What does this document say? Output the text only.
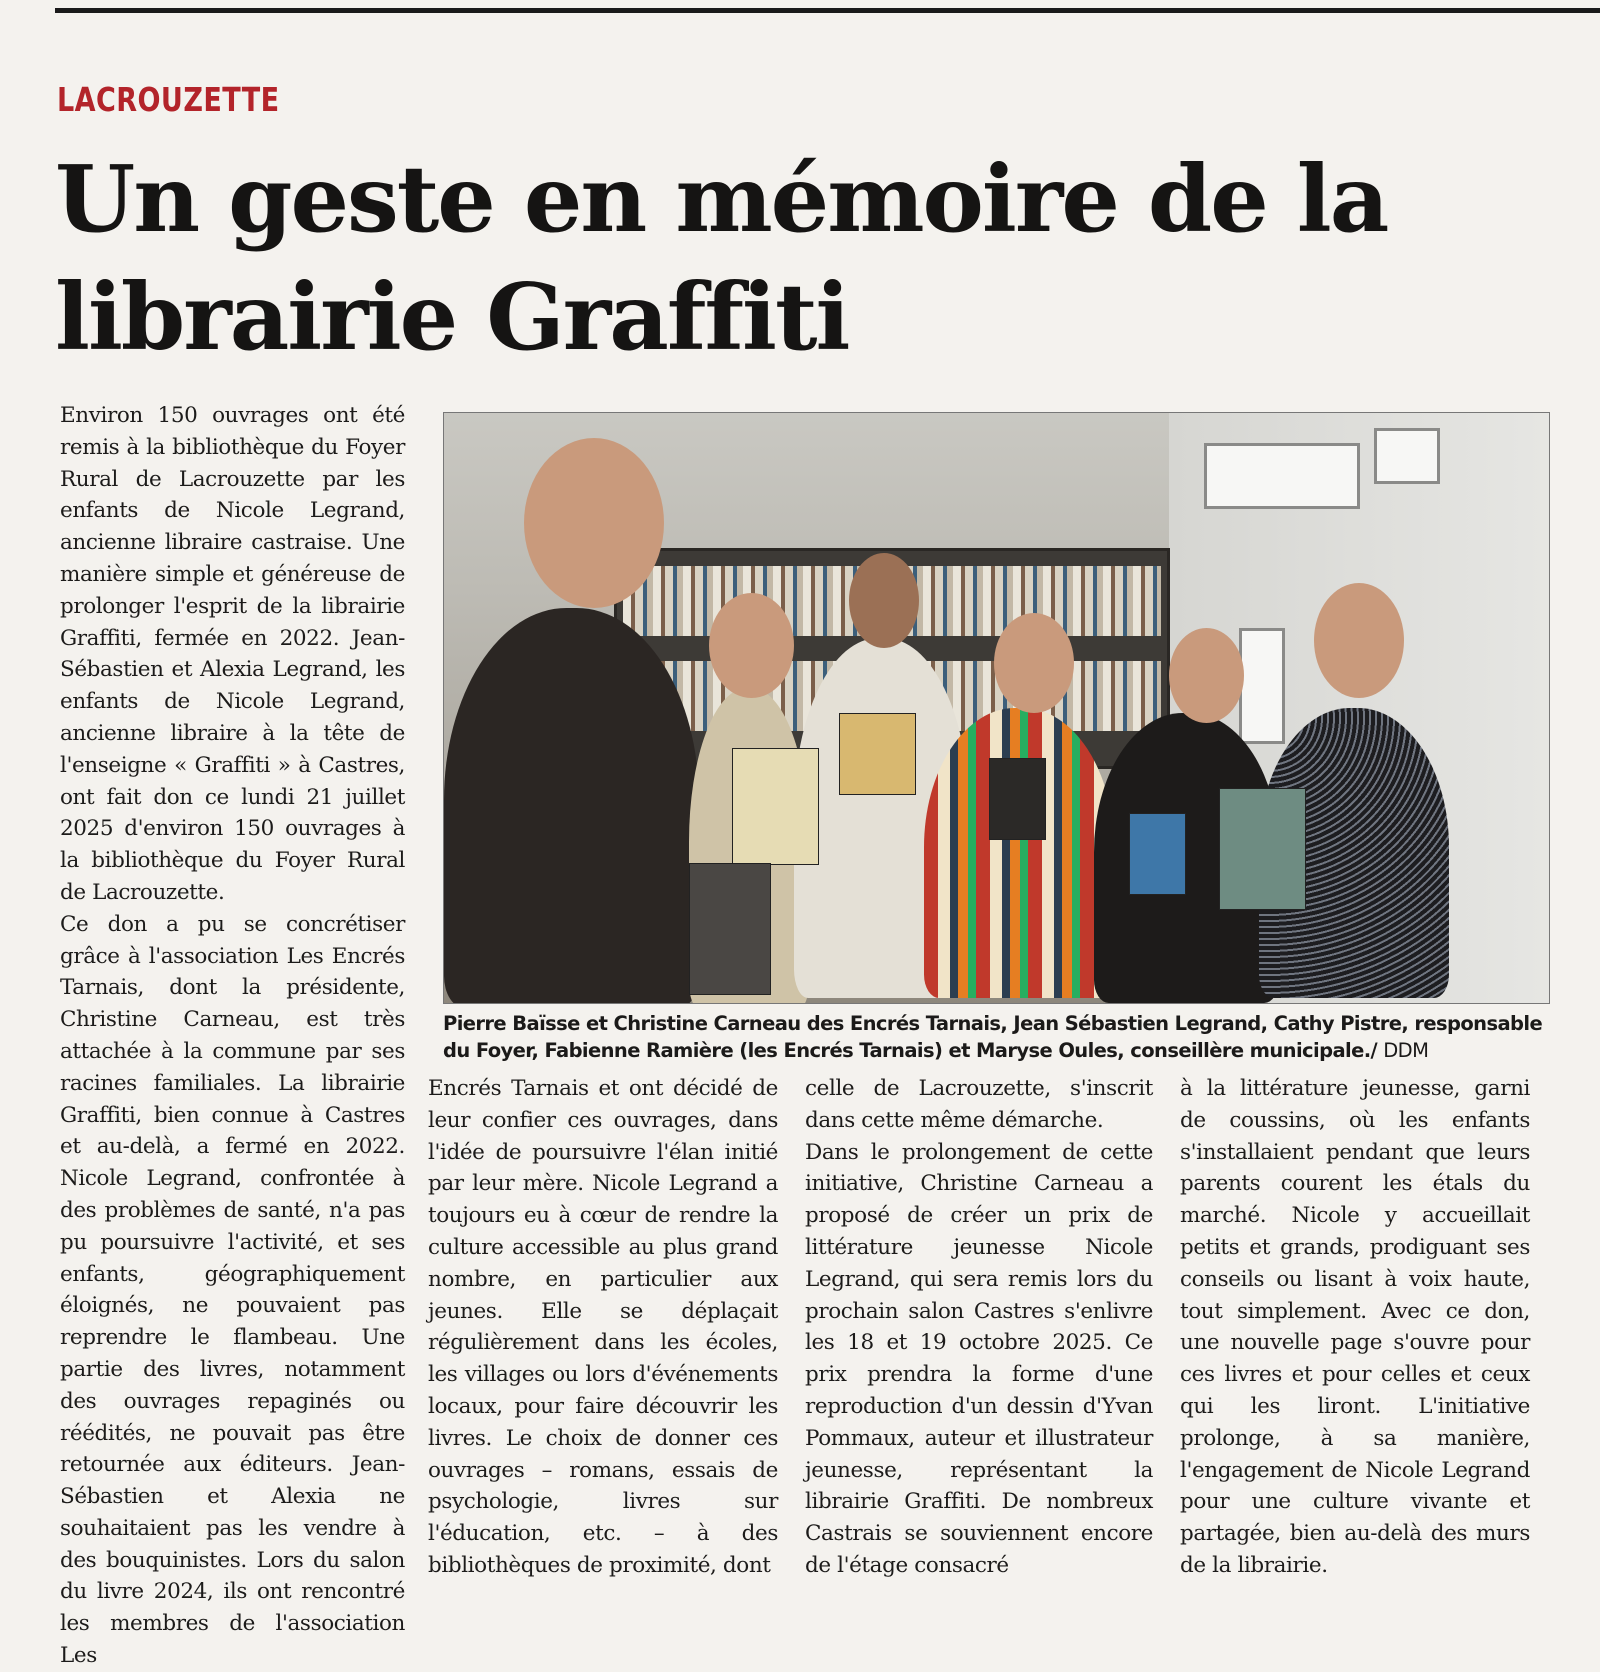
LACROUZETTE
Un geste en mémoire de la
librairie Graffiti

Environ 150 ouvrages ont été remis à la bibliothèque du Foyer Rural de Lacrouzette par les enfants de Nicole Legrand, ancienne libraire castraise. Une manière simple et généreuse de prolonger l'esprit de la librairie Graffiti, fermée en 2022. Jean-Sébastien et Alexia Legrand, les enfants de Nicole Legrand, ancienne libraire à la tête de l'enseigne « Graffiti » à Castres, ont fait don ce lundi 21 juillet 2025 d'environ 150 ouvrages à la bibliothèque du Foyer Rural de Lacrouzette.

Ce don a pu se concrétiser grâce à l'association Les Encrés Tarnais, dont la présidente, Christine Carneau, est très attachée à la commune par ses racines familiales. La librairie Graffiti, bien connue à Castres et au-delà, a fermé en 2022. Nicole Legrand, confrontée à des problèmes de santé, n'a pas pu poursuivre l'activité, et ses enfants, géographiquement éloignés, ne pouvaient pas reprendre le flambeau. Une partie des livres, notamment des ouvrages repaginés ou réédités, ne pouvait pas être retournée aux éditeurs. Jean-Sébastien et Alexia ne souhaitaient pas les vendre à des bouquinistes. Lors du salon du livre 2024, ils ont rencontré les membres de l'association Les

Pierre Baïsse et Christine Carneau des Encrés Tarnais, Jean Sébastien Legrand, Cathy Pistre, responsable du Foyer, Fabienne Ramière (les Encrés Tarnais) et Maryse Oules, conseillère municipale./ DDM

Encrés Tarnais et ont décidé de leur confier ces ouvrages, dans l'idée de poursuivre l'élan initié par leur mère. Nicole Legrand a toujours eu à cœur de rendre la culture accessible au plus grand nombre, en particulier aux jeunes. Elle se déplaçait régulièrement dans les écoles, les villages ou lors d'événements locaux, pour faire découvrir les livres. Le choix de donner ces ouvrages – romans, essais de psychologie, livres sur l'éducation, etc. – à des bibliothèques de proximité, dont

celle de Lacrouzette, s'inscrit dans cette même démarche.

Dans le prolongement de cette initiative, Christine Carneau a proposé de créer un prix de littérature jeunesse Nicole Legrand, qui sera remis lors du prochain salon Castres s'enlivre les 18 et 19 octobre 2025. Ce prix prendra la forme d'une reproduction d'un dessin d'Yvan Pommaux, auteur et illustrateur jeunesse, représentant la librairie Graffiti. De nombreux Castrais se souviennent encore de l'étage consacré

à la littérature jeunesse, garni de coussins, où les enfants s'installaient pendant que leurs parents courent les étals du marché. Nicole y accueillait petits et grands, prodiguant ses conseils ou lisant à voix haute, tout simplement. Avec ce don, une nouvelle page s'ouvre pour ces livres et pour celles et ceux qui les liront. L'initiative prolonge, à sa manière, l'engagement de Nicole Legrand pour une culture vivante et partagée, bien au-delà des murs de la librairie.
